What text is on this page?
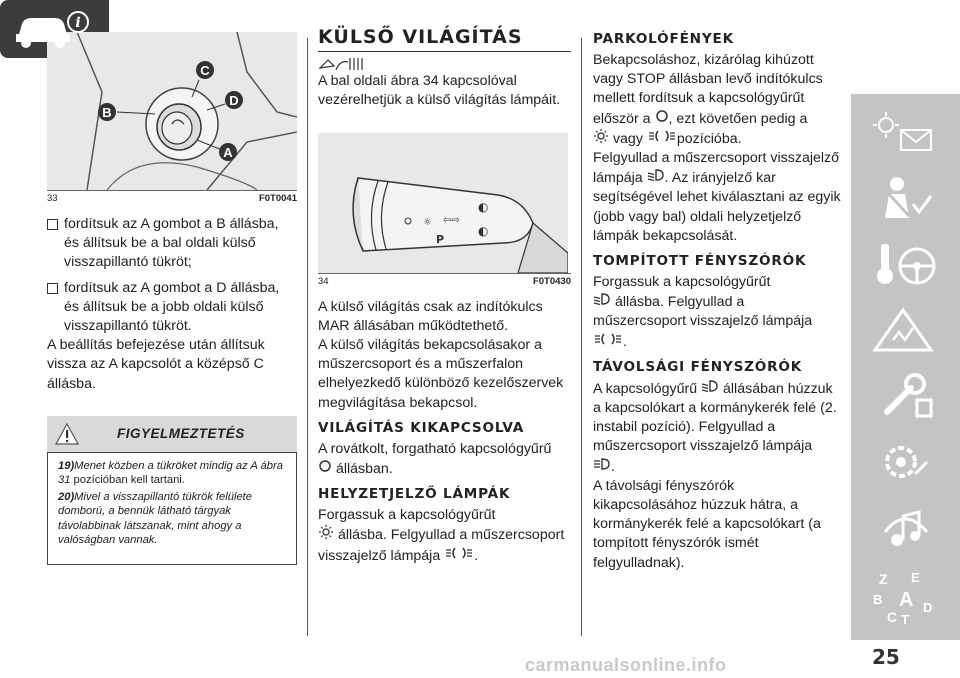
C
B
D
A
33	F0T0041

fordítsuk az A gombot a B állásba, és állítsuk be a bal oldali külső visszapillantó tükröt;

fordítsuk az A gombot a D állásba, és állítsuk be a jobb oldali külső visszapillantó tükröt.

A beállítás befejezése után állítsuk vissza az A kapcsolót a középső C állásba.

FIGYELMEZTETÉS

19)Menet közben a tükröket mindig az A ábra 31 pozícióban kell tartani.

20)Mivel a visszapillantó tükrök felülete domború, a bennük látható tárgyak távolabbinak látszanak, mint ahogy a valóságban vannak.

KÜLSŐ VILÁGÍTÁS

A bal oldali ábra 34 kapcsolóval vezérelhetjük a külső világítás lámpáit.

☼ ⇦⇨
P
◐
◐
34	F0T0430

A külső világítás csak az indítókulcs MAR állásában működtethető.

A külső világítás bekapcsolásakor a műszercsoport és a műszerfalon elhelyezkedő különböző kezelőszervek megvilágítása bekapcsol.

VILÁGÍTÁS KIKAPCSOLVA

A rovátkolt, forgatható kapcsológyűrű
állásban.

HELYZETJELZŐ LÁMPÁK

Forgassuk a kapcsológyűrűt
állásba. Felgyullad a műszercsoport visszajelző lámpája .

PARKOLÓFÉNYEK

Bekapcsoláshoz, kizárólag kihúzott vagy STOP állásban levő indítókulcs mellett fordítsuk a kapcsológyűrűt először a , ezt követően pedig a
vagy pozícióba.
Felgyullad a műszercsoport visszajelző lámpája . Az irányjelző kar segítségével lehet kiválasztani az egyik (jobb vagy bal) oldali helyzetjelző lámpák bekapcsolását.

TOMPÍTOTT FÉNYSZÓRÓK

Forgassuk a kapcsológyűrűt
állásba. Felgyullad a műszercsoport visszajelző lámpája .

TÁVOLSÁGI FÉNYSZÓRÓK

A kapcsológyűrű állásában húzzuk a kapcsolókart a kormánykerék felé (2. instabil pozíció). Felgyullad a műszercsoport visszajelző lámpája
.
A távolsági fényszórók kikapcsolásához húzzuk hátra, a kormánykerék felé a kapcsolókart (a tompított fényszórók ismét felgyulladnak).

i
Z E
B A
C T
D
carmanualsonline.info	25
